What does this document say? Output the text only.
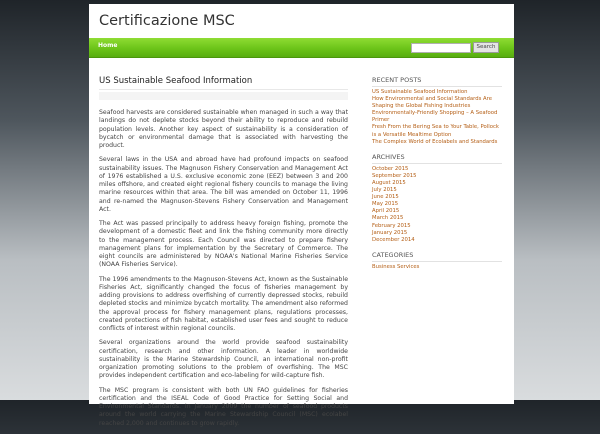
Certificazione MSC
Home	Search
US Sustainable Seafood Information

Seafood harvests are considered sustainable when managed in such a way that landings do not deplete stocks beyond their ability to reproduce and rebuild population levels. Another key aspect of sustainability is a consideration of bycatch or environmental damage that is associated with harvesting the product.

Several laws in the USA and abroad have had profound impacts on seafood sustainability issues. The Magnuson Fishery Conservation and Management Act of 1976 established a U.S. exclusive economic zone (EEZ) between 3 and 200 miles offshore, and created eight regional fishery councils to manage the living marine resources within that area. The bill was amended on October 11, 1996 and re-named the Magnuson-Stevens Fishery Conservation and Management Act.

The Act was passed principally to address heavy foreign fishing, promote the development of a domestic fleet and link the fishing community more directly to the management process. Each Council was directed to prepare fishery management plans for implementation by the Secretary of Commerce. The eight councils are administered by NOAA's National Marine Fisheries Service (NOAA Fisheries Service).

The 1996 amendments to the Magnuson-Stevens Act, known as the Sustainable Fisheries Act, significantly changed the focus of fisheries management by adding provisions to address overfishing of currently depressed stocks, rebuild depleted stocks and minimize bycatch mortality. The amendment also reformed the approval process for fishery management plans, regulations processes, created protections of fish habitat, established user fees and sought to reduce conflicts of interest within regional councils.

Several organizations around the world provide seafood sustainability certification, research and other information. A leader in worldwide sustainability is the Marine Stewardship Council, an international non-profit organization promoting solutions to the problem of overfishing. The MSC provides independent certification and eco-labeling for wild-capture fish.

The MSC program is consistent with both UN FAO guidelines for fisheries certification and the ISEAL Code of Good Practice for Setting Social and Environmental Standards. In January 2009 the number of seafood products around the world carrying the Marine Stewardship Council (MSC) ecolabel reached 2,000 and continues to grow rapidly.

RECENT POSTS
US Sustainable Seafood Information
How Environmental and Social Standards Are Shaping the Global Fishing Industries
Environmentally-Friendly Shopping – A Seafood Primer
Fresh From the Bering Sea to Your Table, Pollock is a Versatile Mealtime Option
The Complex World of Ecolabels and Standards
ARCHIVES
October 2015
September 2015
August 2015
July 2015
June 2015
May 2015
April 2015
March 2015
February 2015
January 2015
December 2014
CATEGORIES
Business Services
